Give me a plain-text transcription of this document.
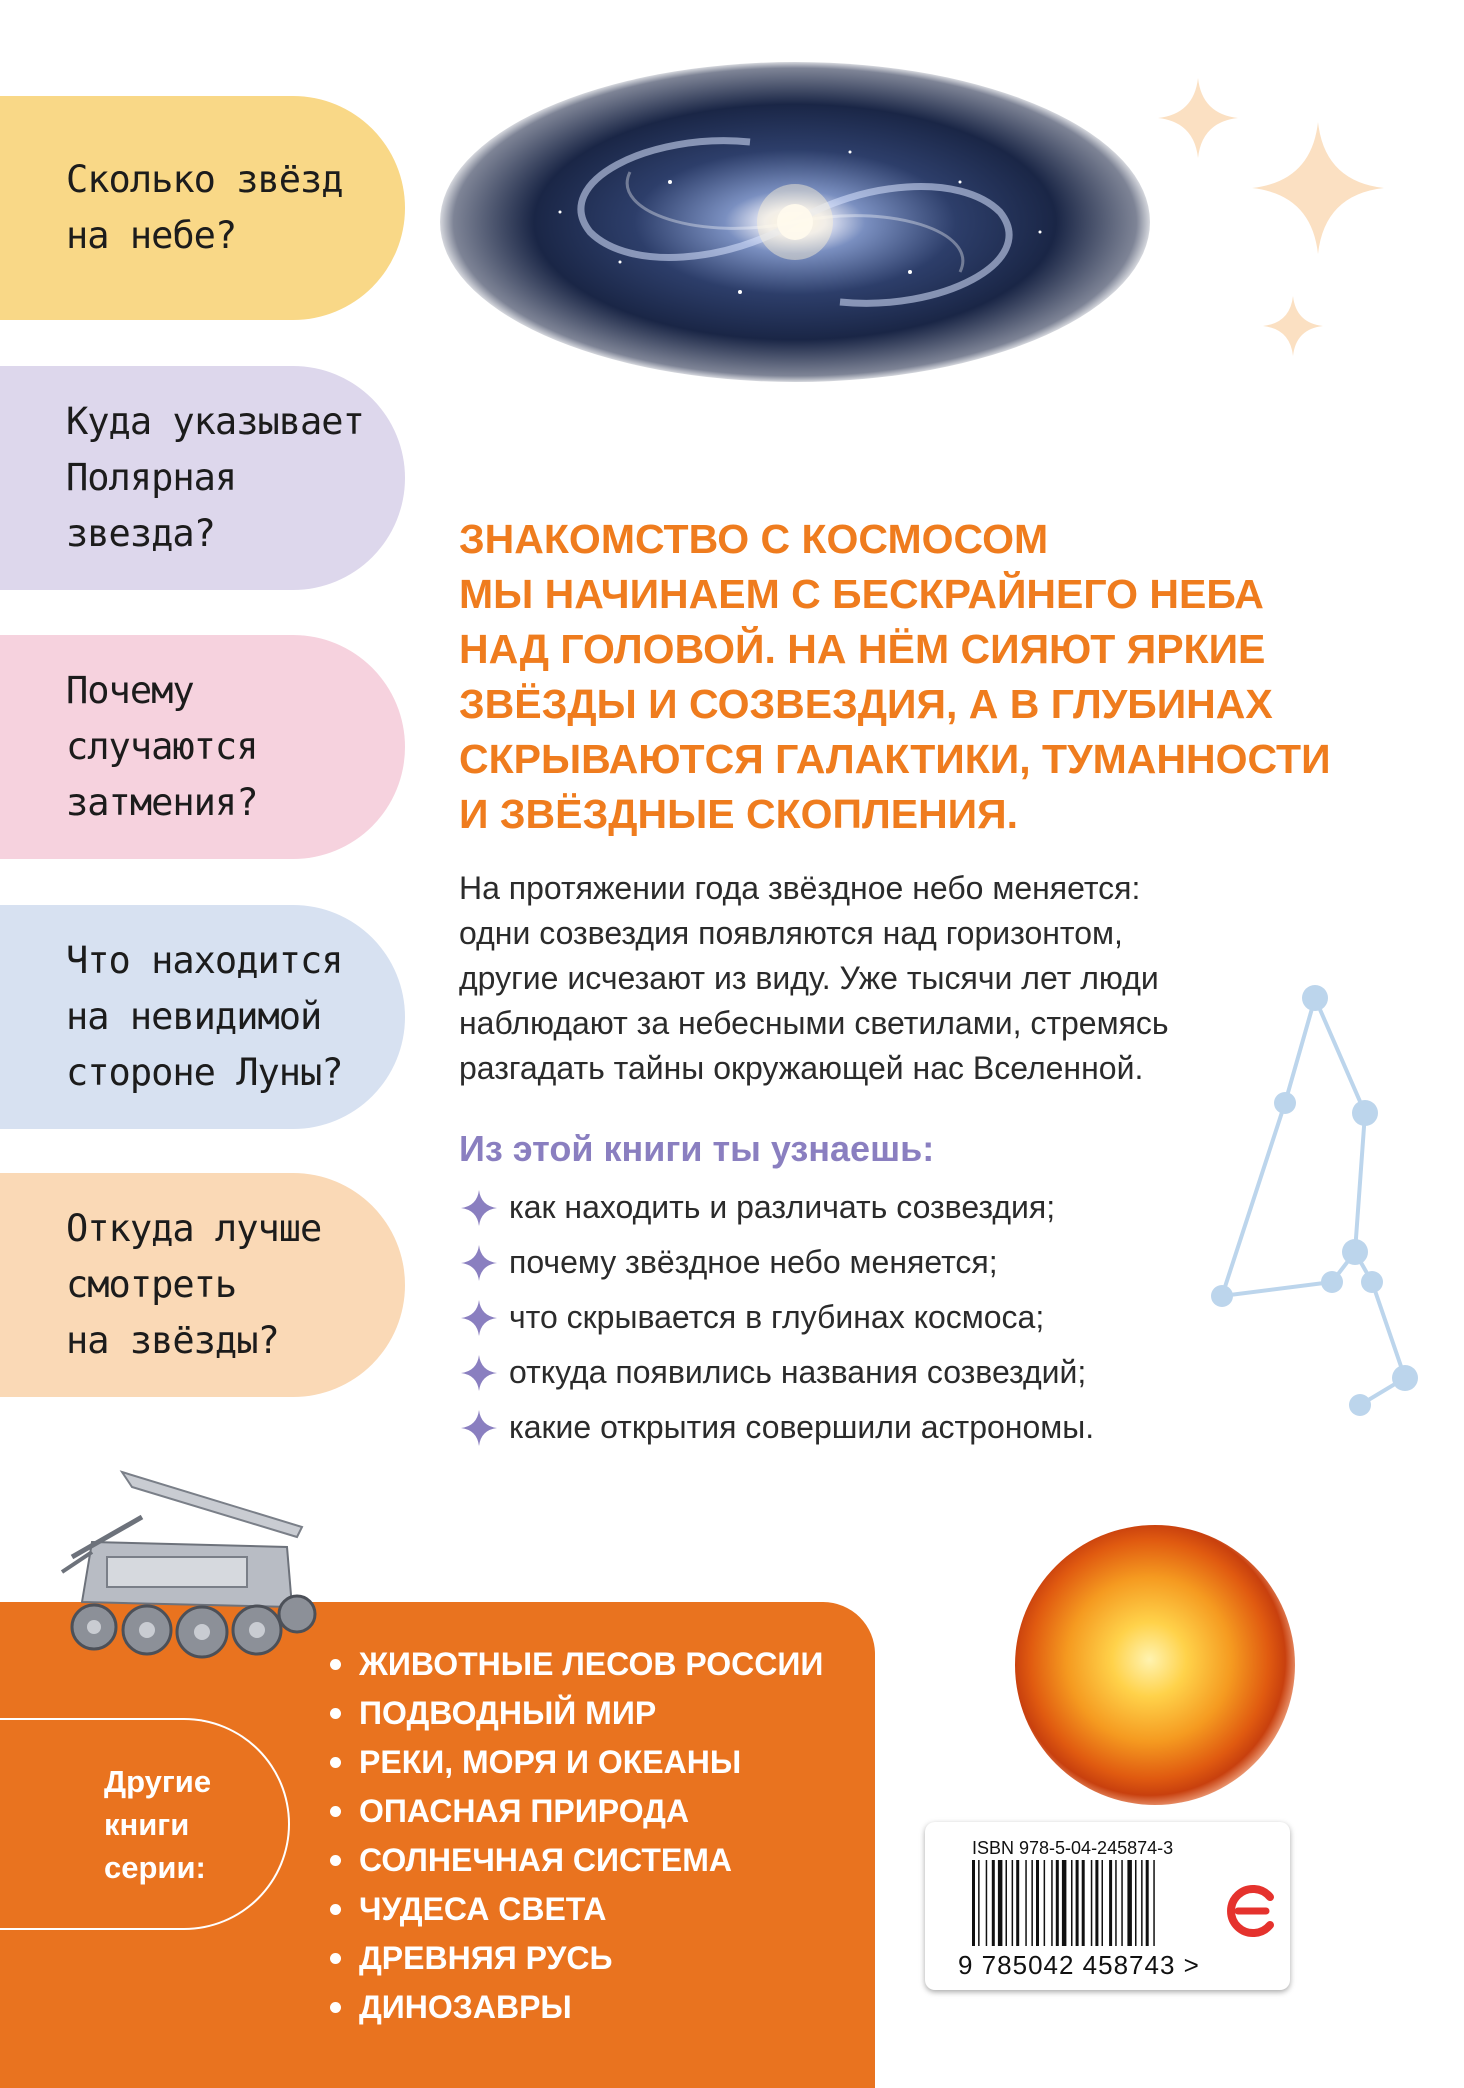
Сколько звёзд
на небе?
Куда указывает
Полярная
звезда?
Почему
случаются
затмения?
Что находится
на невидимой
стороне Луны?
Откуда лучше
смотреть
на звёзды?
ЗНАКОМСТВО С КОСМОСОМ
МЫ НАЧИНАЕМ С БЕСКРАЙНЕГО НЕБА
НАД ГОЛОВОЙ. НА НЁМ СИЯЮТ ЯРКИЕ
ЗВЁЗДЫ И СОЗВЕЗДИЯ, А В ГЛУБИНАХ
СКРЫВАЮТСЯ ГАЛАКТИКИ, ТУМАННОСТИ
И ЗВЁЗДНЫЕ СКОПЛЕНИЯ.
На протяжении года звёздное небо меняется:
одни созвездия появляются над горизонтом,
другие исчезают из виду. Уже тысячи лет люди
наблюдают за небесными светилами, стремясь
разгадать тайны окружающей нас Вселенной.
Из этой книги ты узнаешь:
как находить и различать созвездия;
почему звёздное небо меняется;
что скрывается в глубинах космоса;
откуда появились названия созвездий;
какие открытия совершили астрономы.
Другие
книги
серии:
ЖИВОТНЫЕ ЛЕСОВ РОССИИ
ПОДВОДНЫЙ МИР
РЕКИ, МОРЯ И ОКЕАНЫ
ОПАСНАЯ ПРИРОДА
СОЛНЕЧНАЯ СИСТЕМА
ЧУДЕСА СВЕТА
ДРЕВНЯЯ РУСЬ
ДИНОЗАВРЫ
ISBN 978-5-04-245874-3
9 785042 458743 >
